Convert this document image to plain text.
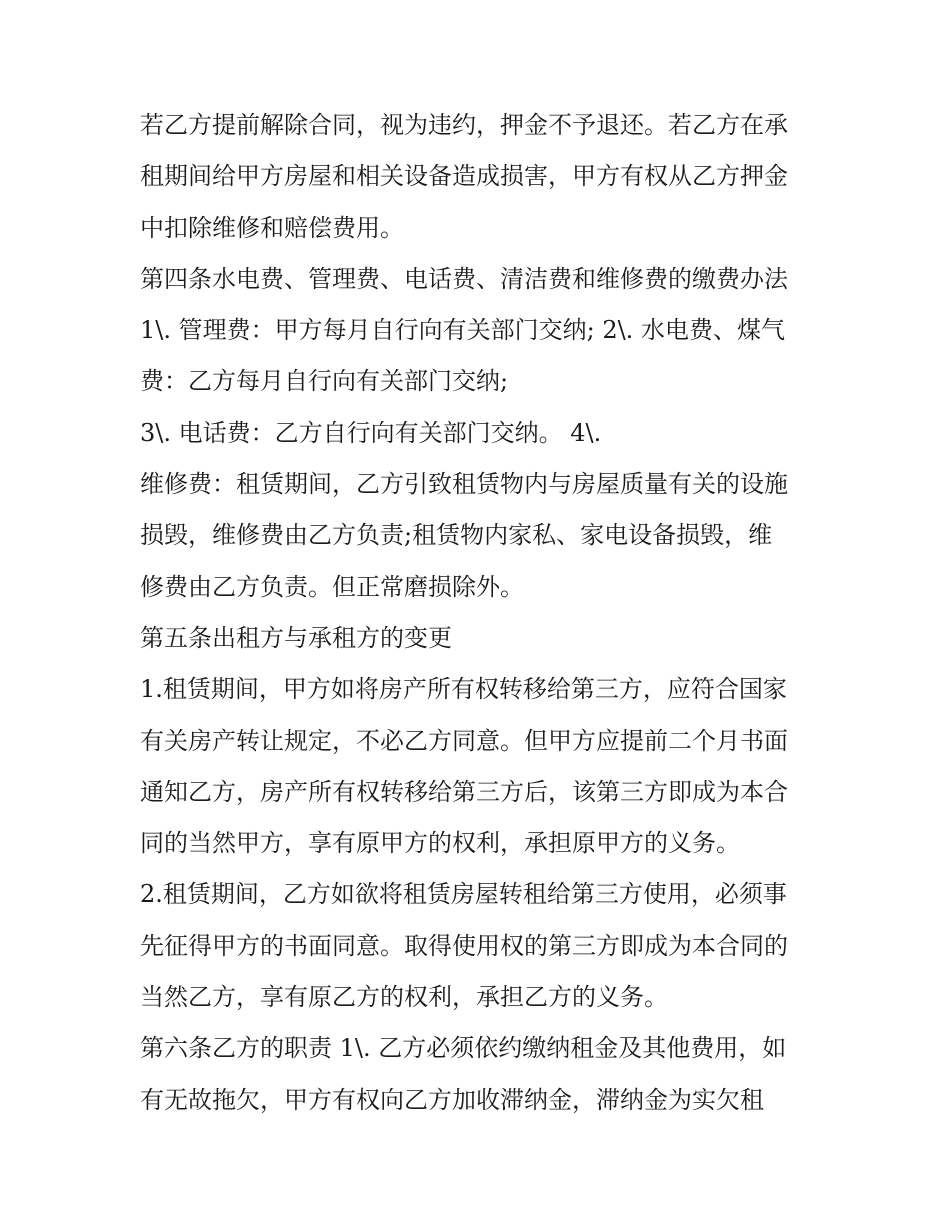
若乙方提前解除合同，视为违约，押金不予退还。若乙方在承
租期间给甲方房屋和相关设备造成损害，甲方有权从乙方押金
中扣除维修和赔偿费用。
第四条水电费、管理费、电话费、清洁费和维修费的缴费办法
1\. 管理费：甲方每月自行向有关部门交纳; 2\. 水电费、煤气
费：乙方每月自行向有关部门交纳;
3\. 电话费：乙方自行向有关部门交纳。 4\.
维修费：租赁期间，乙方引致租赁物内与房屋质量有关的设施
损毁，维修费由乙方负责;租赁物内家私、家电设备损毁，维
修费由乙方负责。但正常磨损除外。
第五条出租方与承租方的变更
1.租赁期间，甲方如将房产所有权转移给第三方，应符合国家
有关房产转让规定，不必乙方同意。但甲方应提前二个月书面
通知乙方，房产所有权转移给第三方后，该第三方即成为本合
同的当然甲方，享有原甲方的权利，承担原甲方的义务。
2.租赁期间，乙方如欲将租赁房屋转租给第三方使用，必须事
先征得甲方的书面同意。取得使用权的第三方即成为本合同的
当然乙方，享有原乙方的权利，承担乙方的义务。
第六条乙方的职责 1\. 乙方必须依约缴纳租金及其他费用，如
有无故拖欠，甲方有权向乙方加收滞纳金，滞纳金为实欠租
